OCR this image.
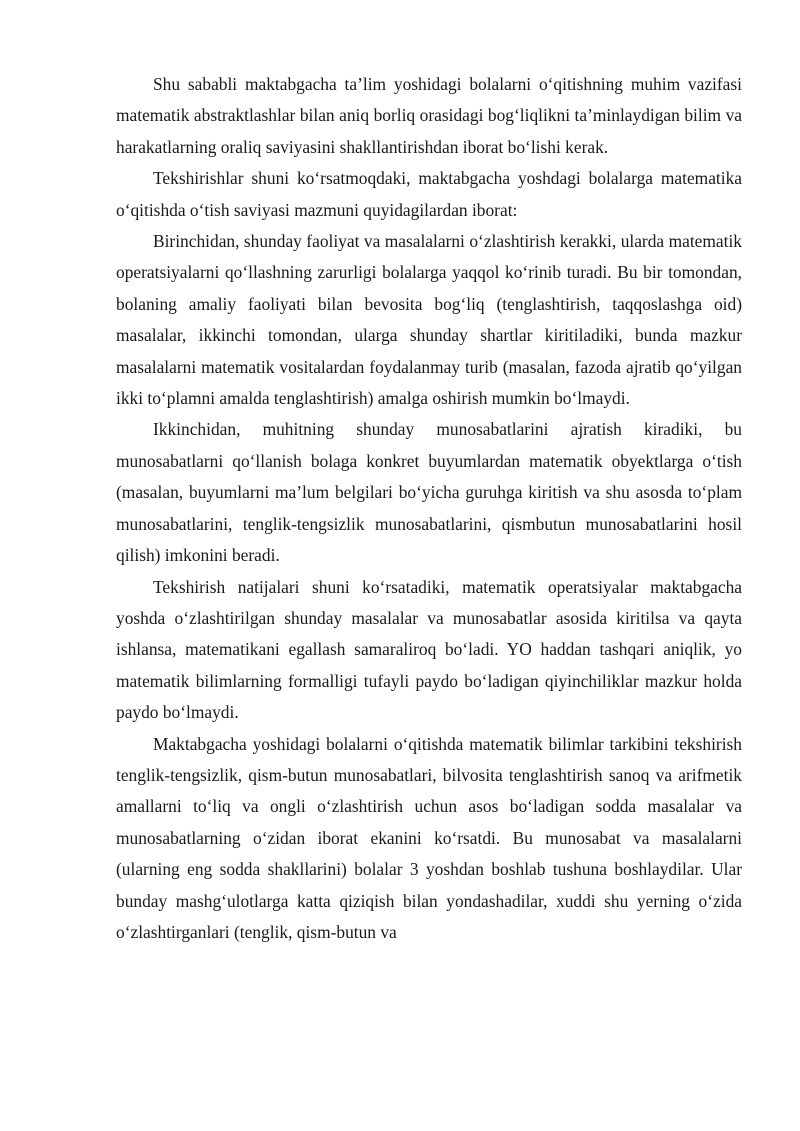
Shu sababli maktabgacha ta’lim yoshidagi bolalarni o‘qitishning muhim vazifasi matematik abstraktlashlar bilan aniq borliq orasidagi bog‘liqlikni ta’minlaydigan bilim va harakatlarning oraliq saviyasini shakllantirishdan iborat bo‘lishi kerak.

Tekshirishlar shuni ko‘rsatmoqdaki, maktabgacha yoshdagi bolalarga matematika o‘qitishda o‘tish saviyasi mazmuni quyidagilardan iborat:

Birinchidan, shunday faoliyat va masalalarni o‘zlashtirish kerakki, ularda matematik operatsiyalarni qo‘llashning zarurligi bolalarga yaqqol ko‘rinib turadi. Bu bir tomondan, bolaning amaliy faoliyati bilan bevosita bog‘liq (tenglashtirish, taqqoslashga oid) masalalar, ikkinchi tomondan, ularga shunday shartlar kiritiladiki, bunda mazkur masalalarni matematik vositalardan foydalanmay turib (masalan, fazoda ajratib qo‘yilgan ikki to‘plamni amalda tenglashtirish) amalga oshirish mumkin bo‘lmaydi.

Ikkinchidan, muhitning shunday munosabatlarini ajratish kiradiki, bu munosabatlarni qo‘llanish bolaga konkret buyumlardan matematik obyektlarga o‘tish (masalan, buyumlarni ma’lum belgilari bo‘yicha guruhga kiritish va shu asosda to‘plam munosabatlarini, tenglik-tengsizlik munosabatlarini, qismbutun munosabatlarini hosil qilish) imkonini beradi.

Tekshirish natijalari shuni ko‘rsatadiki, matematik operatsiyalar maktabgacha yoshda o‘zlashtirilgan shunday masalalar va munosabatlar asosida kiritilsa va qayta ishlansa, matematikani egallash samaraliroq bo‘ladi. YO haddan tashqari aniqlik, yo matematik bilimlarning formalligi tufayli paydo bo‘ladigan qiyinchiliklar mazkur holda paydo bo‘lmaydi.

Maktabgacha yoshidagi bolalarni o‘qitishda matematik bilimlar tarkibini tekshirish tenglik-tengsizlik, qism-butun munosabatlari, bilvosita tenglashtirish sanoq va arifmetik amallarni to‘liq va ongli o‘zlashtirish uchun asos bo‘ladigan sodda masalalar va munosabatlarning o‘zidan iborat ekanini ko‘rsatdi. Bu munosabat va masalalarni (ularning eng sodda shakllarini) bolalar 3 yoshdan boshlab tushuna boshlaydilar. Ular bunday mashg‘ulotlarga katta qiziqish bilan yondashadilar, xuddi shu yerning o‘zida o‘zlashtirganlari (tenglik, qism-butun va
